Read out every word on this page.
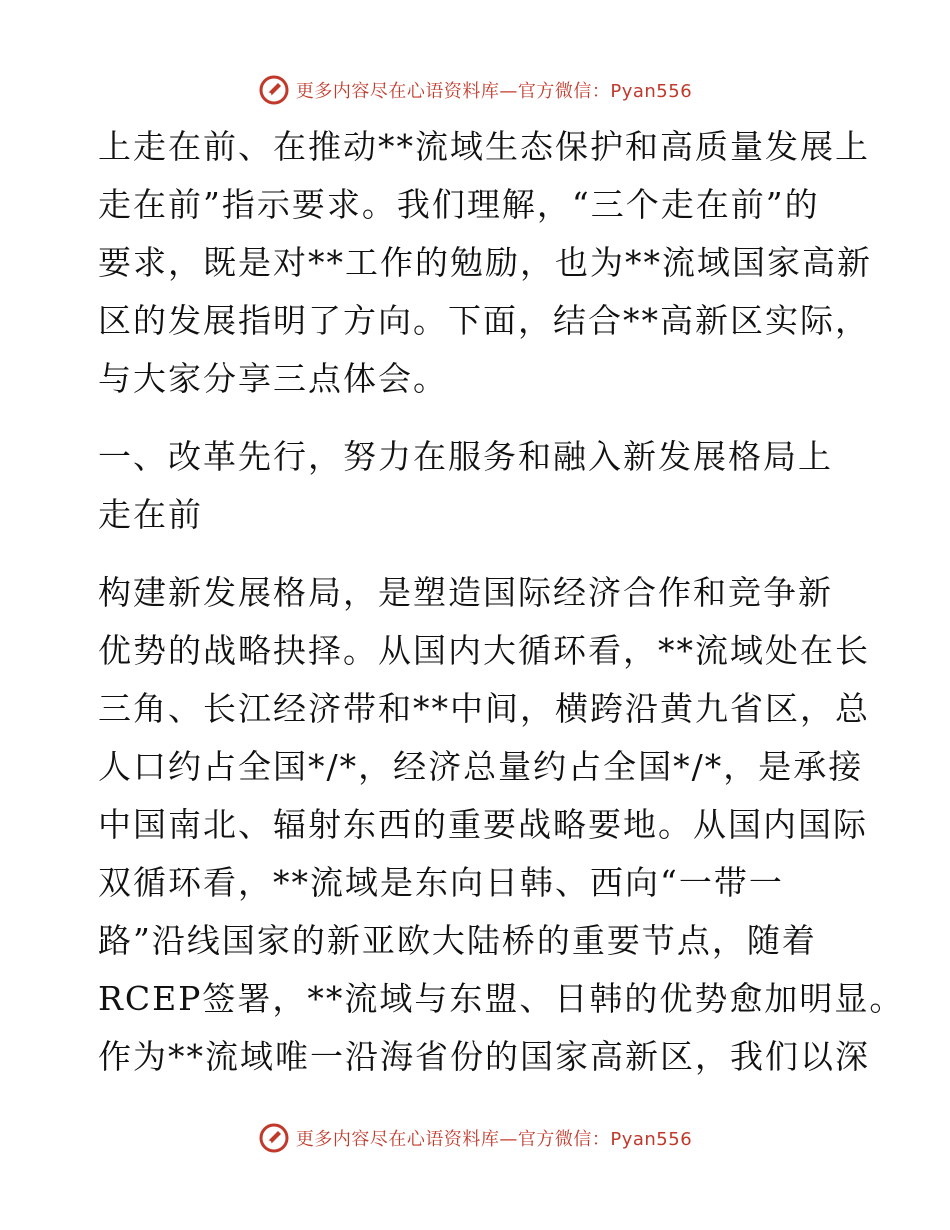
更多内容尽在心语资料库—官方微信：Pyan556
上走在前、在推动**流域生态保护和高质量发展上
走在前”指示要求。我们理解，“三个走在前”的
要求，既是对**工作的勉励，也为**流域国家高新
区的发展指明了方向。下面，结合**高新区实际，
与大家分享三点体会。
一、改革先行，努力在服务和融入新发展格局上
走在前
构建新发展格局，是塑造国际经济合作和竞争新
优势的战略抉择。从国内大循环看，**流域处在长
三角、长江经济带和**中间，横跨沿黄九省区，总
人口约占全国*/*，经济总量约占全国*/*，是承接
中国南北、辐射东西的重要战略要地。从国内国际
双循环看，**流域是东向日韩、西向“一带一
路”沿线国家的新亚欧大陆桥的重要节点，随着
RCEP签署，**流域与东盟、日韩的优势愈加明显。
作为**流域唯一沿海省份的国家高新区，我们以深
更多内容尽在心语资料库—官方微信：Pyan556
